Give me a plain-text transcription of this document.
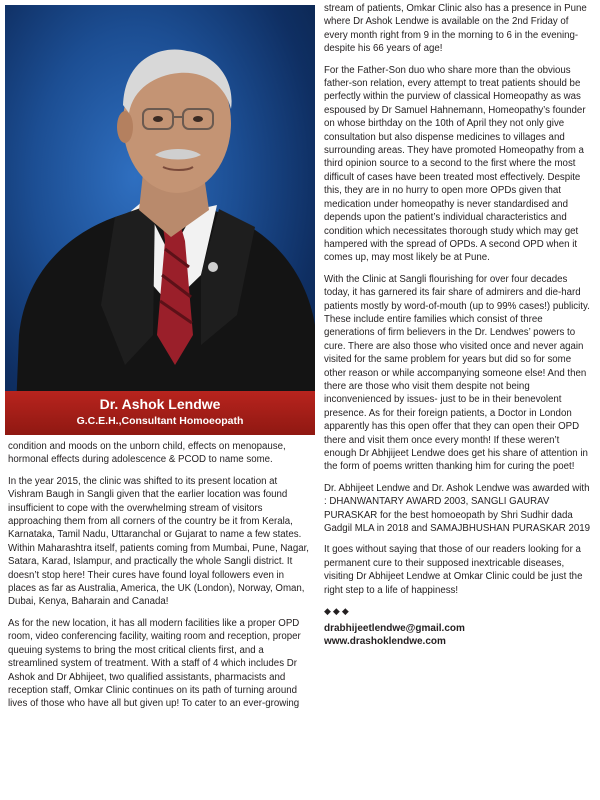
Dr. Ashok Lendwe
G.C.E.H.,Consultant Homoeopath

condition and moods on the unborn child, effects on menopause, hormonal effects during adolescence & PCOD to name some.

In the year 2015, the clinic was shifted to its present location at Vishram Baugh in Sangli given that the earlier location was found insufficient to cope with the overwhelming stream of visitors approaching them from all corners of the country be it from Kerala, Karnataka, Tamil Nadu, Uttaranchal or Gujarat to name a few states. Within Maharashtra itself, patients coming from Mumbai, Pune, Nagar, Satara, Karad, Islampur, and practically the whole Sangli district. It doesn’t stop here! Their cures have found loyal followers even in places as far as Australia, America, the UK (London), Norway, Oman, Dubai, Kenya, Baharain and Canada!

As for the new location, it has all modern facilities like a proper OPD room, video conferencing facility, waiting room and reception, proper queuing systems to bring the most critical clients first, and a streamlined system of treatment. With a staff of 4 which includes Dr Ashok and Dr Abhijeet, two qualified assistants, pharmacists and reception staff, Omkar Clinic continues on its path of turning around lives of those who have all but given up! To cater to an ever-growing

stream of patients, Omkar Clinic also has a presence in Pune where Dr Ashok Lendwe is available on the 2nd Friday of every month right from 9 in the morning to 6 in the evening- despite his 66 years of age!

For the Father-Son duo who share more than the obvious father-son relation, every attempt to treat patients should be perfectly within the purview of classical Homeopathy as was espoused by Dr Samuel Hahnemann, Homeopathy’s founder on whose birthday on the 10th of April they not only give consultation but also dispense medicines to villages and surrounding areas. They have promoted Homeopathy from a third opinion source to a second to the first where the most difficult of cases have been treated most effectively. Despite this, they are in no hurry to open more OPDs given that medication under homeopathy is never standardised and depends upon the patient’s individual characteristics and condition which necessitates thorough study which may get hampered with the spread of OPDs. A second OPD when it comes up, may most likely be at Pune.

With the Clinic at Sangli flourishing for over four decades today, it has garnered its fair share of admirers and die-hard patients mostly by word-of-mouth (up to 99% cases!) publicity. These include entire families which consist of three generations of firm believers in the Dr. Lendwes’ powers to cure. There are also those who visited once and never again visited for the same problem for years but did so for some other reason or while accompanying someone else! And then there are those who visit them despite not being inconvenienced by issues- just to be in their benevolent presence. As for their foreign patients, a Doctor in London apparently has this open offer that they can open their OPD there and visit them once every month! If these weren’t enough Dr Abhjijeet Lendwe does get his share of attention in the form of poems written thanking him for curing the poet!

Dr. Abhijeet Lendwe and Dr. Ashok Lendwe was awarded with : DHANWANTARY AWARD 2003, SANGLI GAURAV PURASKAR for the best homoeopath by Shri Sudhir dada Gadgil MLA in 2018 and SAMAJBHUSHAN PURASKAR 2019

It goes without saying that those of our readers looking for a permanent cure to their supposed inextricable diseases, visiting Dr Abhijeet Lendwe at Omkar Clinic could be just the right step to a life of happiness!

◆◆◆
drabhijeetlendwe@gmail.com
www.drashoklendwe.com
